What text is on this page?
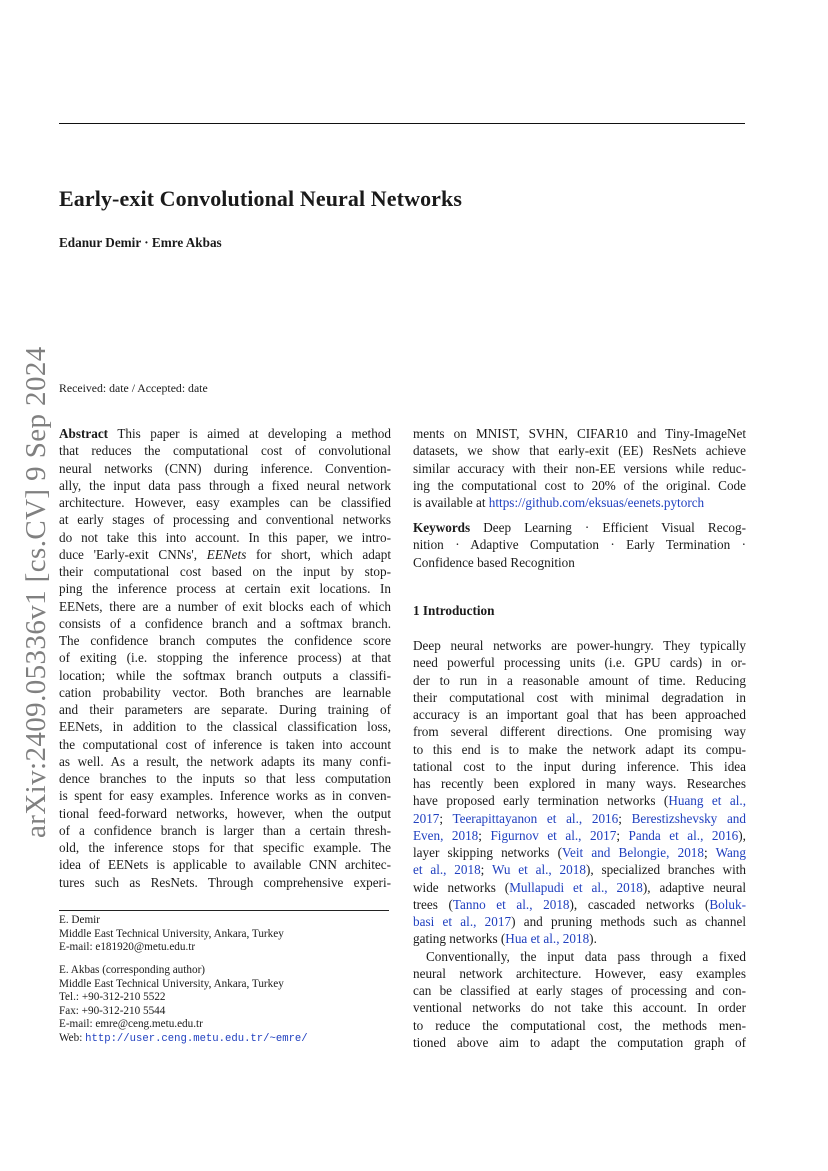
Early-exit Convolutional Neural Networks
Edanur Demir · Emre Akbas
arXiv:2409.05336v1 [cs.CV] 9 Sep 2024 Received: date / Accepted: date
Abstract This paper is aimed at developing a method
that reduces the computational cost of convolutional
neural networks (CNN) during inference. Convention-
ally, the input data pass through a fixed neural network
architecture. However, easy examples can be classified
at early stages of processing and conventional networks
do not take this into account. In this paper, we intro-
duce 'Early-exit CNNs', EENets for short, which adapt
their computational cost based on the input by stop-
ping the inference process at certain exit locations. In
EENets, there are a number of exit blocks each of which
consists of a confidence branch and a softmax branch.
The confidence branch computes the confidence score
of exiting (i.e. stopping the inference process) at that
location; while the softmax branch outputs a classifi-
cation probability vector. Both branches are learnable
and their parameters are separate. During training of
EENets, in addition to the classical classification loss,
the computational cost of inference is taken into account
as well. As a result, the network adapts its many confi-
dence branches to the inputs so that less computation
is spent for easy examples. Inference works as in conven-
tional feed-forward networks, however, when the output
of a confidence branch is larger than a certain thresh-
old, the inference stops for that specific example. The
idea of EENets is applicable to available CNN architec-
tures such as ResNets. Through comprehensive experi-
ments on MNIST, SVHN, CIFAR10 and Tiny-ImageNet
datasets, we show that early-exit (EE) ResNets achieve
similar accuracy with their non-EE versions while reduc-
ing the computational cost to 20% of the original. Code
is available at https://github.com/eksuas/eenets.pytorch
Keywords Deep Learning · Efficient Visual Recog-
nition · Adaptive Computation · Early Termination ·
Confidence based Recognition
1 Introduction
Deep neural networks are power-hungry. They typically
need powerful processing units (i.e. GPU cards) in or-
der to run in a reasonable amount of time. Reducing
their computational cost with minimal degradation in
accuracy is an important goal that has been approached
from several different directions. One promising way
to this end is to make the network adapt its compu-
tational cost to the input during inference. This idea
has recently been explored in many ways. Researches
have proposed early termination networks (Huang et al.,
2017; Teerapittayanon et al., 2016; Berestizshevsky and
Even, 2018; Figurnov et al., 2017; Panda et al., 2016),
layer skipping networks (Veit and Belongie, 2018; Wang
et al., 2018; Wu et al., 2018), specialized branches with
wide networks (Mullapudi et al., 2018), adaptive neural
trees (Tanno et al., 2018), cascaded networks (Boluk-
basi et al., 2017) and pruning methods such as channel
gating networks (Hua et al., 2018).
Conventionally, the input data pass through a fixed
neural network architecture. However, easy examples
can be classified at early stages of processing and con-
ventional networks do not take this account. In order
to reduce the computational cost, the methods men-
tioned above aim to adapt the computation graph of
E. Demir
Middle East Technical University, Ankara, Turkey
E-mail: e181920@metu.edu.tr
E. Akbas (corresponding author)
Middle East Technical University, Ankara, Turkey
Tel.: +90-312-210 5522
Fax: +90-312-210 5544
E-mail: emre@ceng.metu.edu.tr
Web: http://user.ceng.metu.edu.tr/~emre/
